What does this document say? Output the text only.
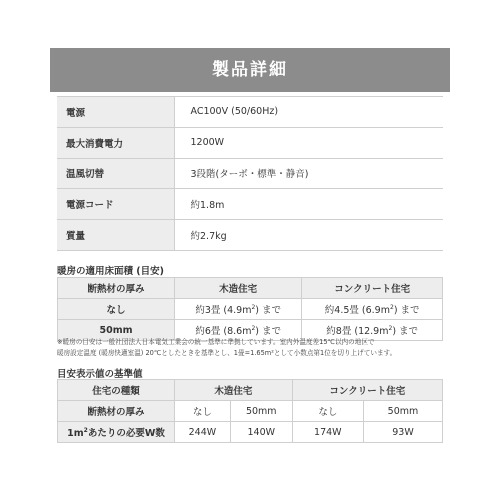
製品詳細
電源	AC100V (50/60Hz)
最大消費電力	1200W
温風切替	3段階(ターボ・標準・静音)
電源コード	約1.8m
質量	約2.7kg
暖房の適用床面積 (目安)
断熱材の厚み	木造住宅	コンクリート住宅
なし	約3畳 $(4.9m^2)$ まで	約4.5畳 $(6.9m^2)$ まで
50mm	約6畳 $(8.6m^2)$ まで	約8畳 $(12.9m^2)$ まで
※暖房の目安は一般社団法人日本電気工業会の統一基準に準拠しています。室内外温度差15℃以内の地区で
暖房設定温度 (暖房快適室温) 20℃としたときを基準とし、1畳=1.65m²として小数点第1位を切り上げています。
目安表示値の基準値
住宅の種類	木造住宅		コンクリート住宅	
断熱材の厚み	なし	50mm	なし	50mm
$1m^2$あたりの必要W数	244W	140W	174W	93W
